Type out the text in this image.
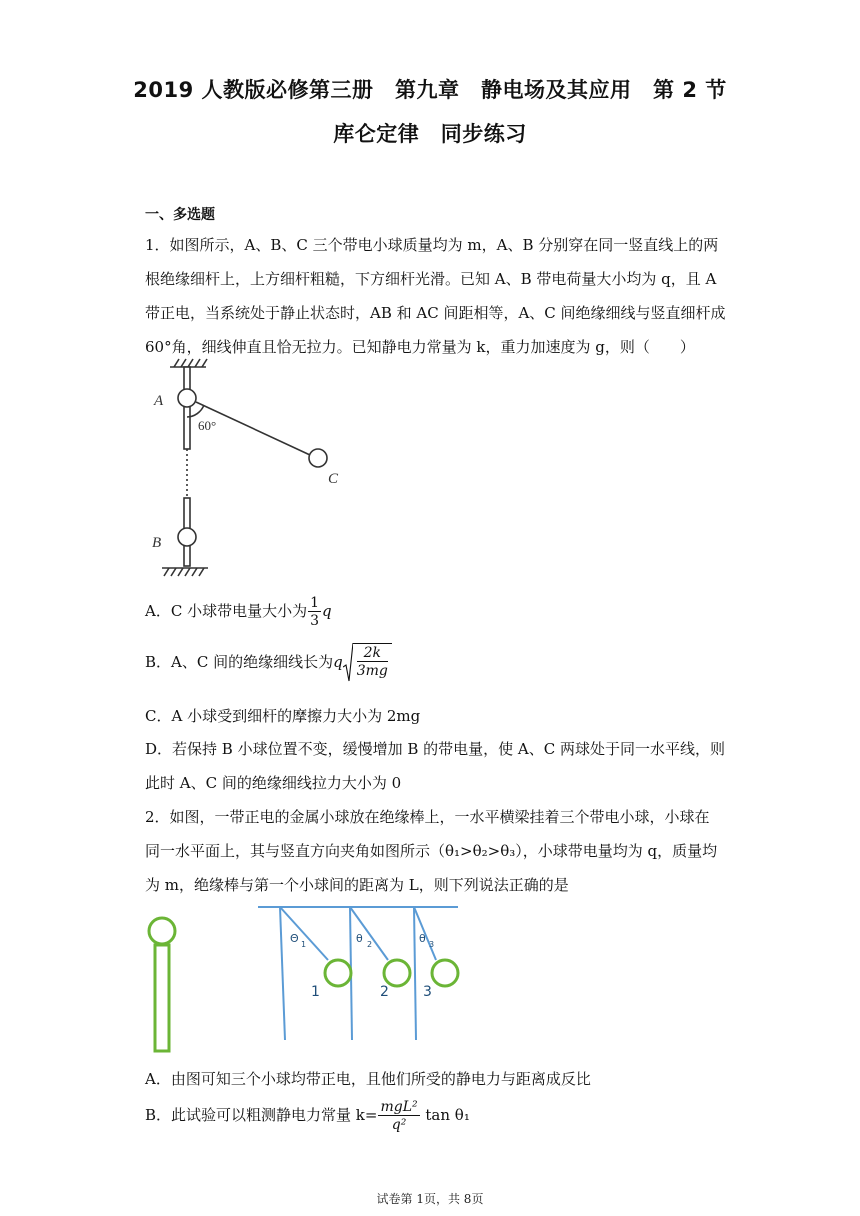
2019 人教版必修第三册　第九章　静电场及其应用　第 2 节
库仑定律　同步练习
一、多选题
1．如图所示，A、B、C 三个带电小球质量均为 m，A、B 分别穿在同一竖直线上的两
根绝缘细杆上，上方细杆粗糙，下方细杆光滑。已知 A、B 带电荷量大小均为 q，且 A
带正电，当系统处于静止状态时，AB 和 AC 间距相等，A、C 间绝缘细线与竖直细杆成
60°角，细线伸直且恰无拉力。已知静电力常量为 k，重力加速度为 g，则（　　）
A
C
B
60°
A．C 小球带电量大小为 $\frac{1}{3}$ q
B．A、C 间的绝缘细线长为q $\frac{2k}{3mg}$
C．A 小球受到细杆的摩擦力大小为 2mg
D．若保持 B 小球位置不变，缓慢增加 B 的带电量，使 A、C 两球处于同一水平线，则
此时 A、C 间的绝缘细线拉力大小为 0
2．如图，一带正电的金属小球放在绝缘棒上，一水平横梁挂着三个带电小球，小球在
同一水平面上，其与竖直方向夹角如图所示（θ₁>θ₂>θ₃），小球带电量均为 q，质量均
为 m，绝缘棒与第一个小球间的距离为 L，则下列说法正确的是
Θ 1	θ 2	θ 3
1	2 3
A．由图可知三个小球均带正电，且他们所受的静电力与距离成反比
B．此试验可以粗测静电力常量 $k= \frac{\text{mgL²}}{\text{q²}}$ tan θ₁
试卷第 1页，共 8页
